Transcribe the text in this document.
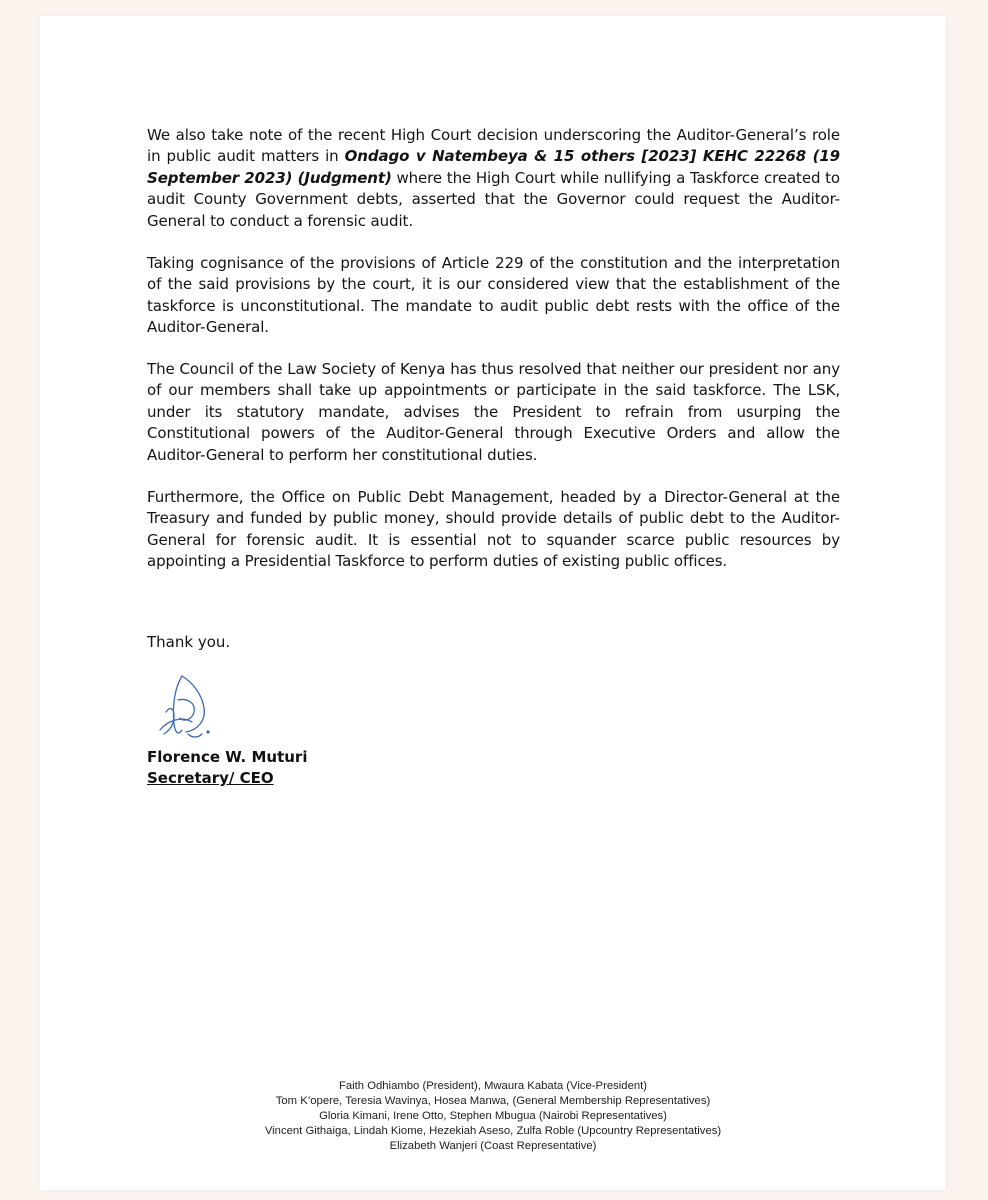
We also take note of the recent High Court decision underscoring the Auditor-General’s role in public audit matters in Ondago v Natembeya & 15 others [2023] KEHC 22268 (19 September 2023) (Judgment) where the High Court while nullifying a Taskforce created to audit County Government debts, asserted that the Governor could request the Auditor-General to conduct a forensic audit.

Taking cognisance of the provisions of Article 229 of the constitution and the interpretation of the said provisions by the court, it is our considered view that the establishment of the taskforce is unconstitutional. The mandate to audit public debt rests with the office of the Auditor-General.

The Council of the Law Society of Kenya has thus resolved that neither our president nor any of our members shall take up appointments or participate in the said taskforce. The LSK, under its statutory mandate, advises the President to refrain from usurping the Constitutional powers of the Auditor-General through Executive Orders and allow the Auditor-General to perform her constitutional duties.

Furthermore, the Office on Public Debt Management, headed by a Director-General at the Treasury and funded by public money, should provide details of public debt to the Auditor-General for forensic audit. It is essential not to squander scarce public resources by appointing a Presidential Taskforce to perform duties of existing public offices.

Thank you.

Florence W. Muturi

Secretary/ CEO

Faith Odhiambo (President), Mwaura Kabata (Vice-President)
Tom K’opere, Teresia Wavinya, Hosea Manwa, (General Membership Representatives)
Gloria Kimani, Irene Otto, Stephen Mbugua (Nairobi Representatives)
Vincent Githaiga, Lindah Kiome, Hezekiah Aseso, Zulfa Roble (Upcountry Representatives)
Elizabeth Wanjeri (Coast Representative)
